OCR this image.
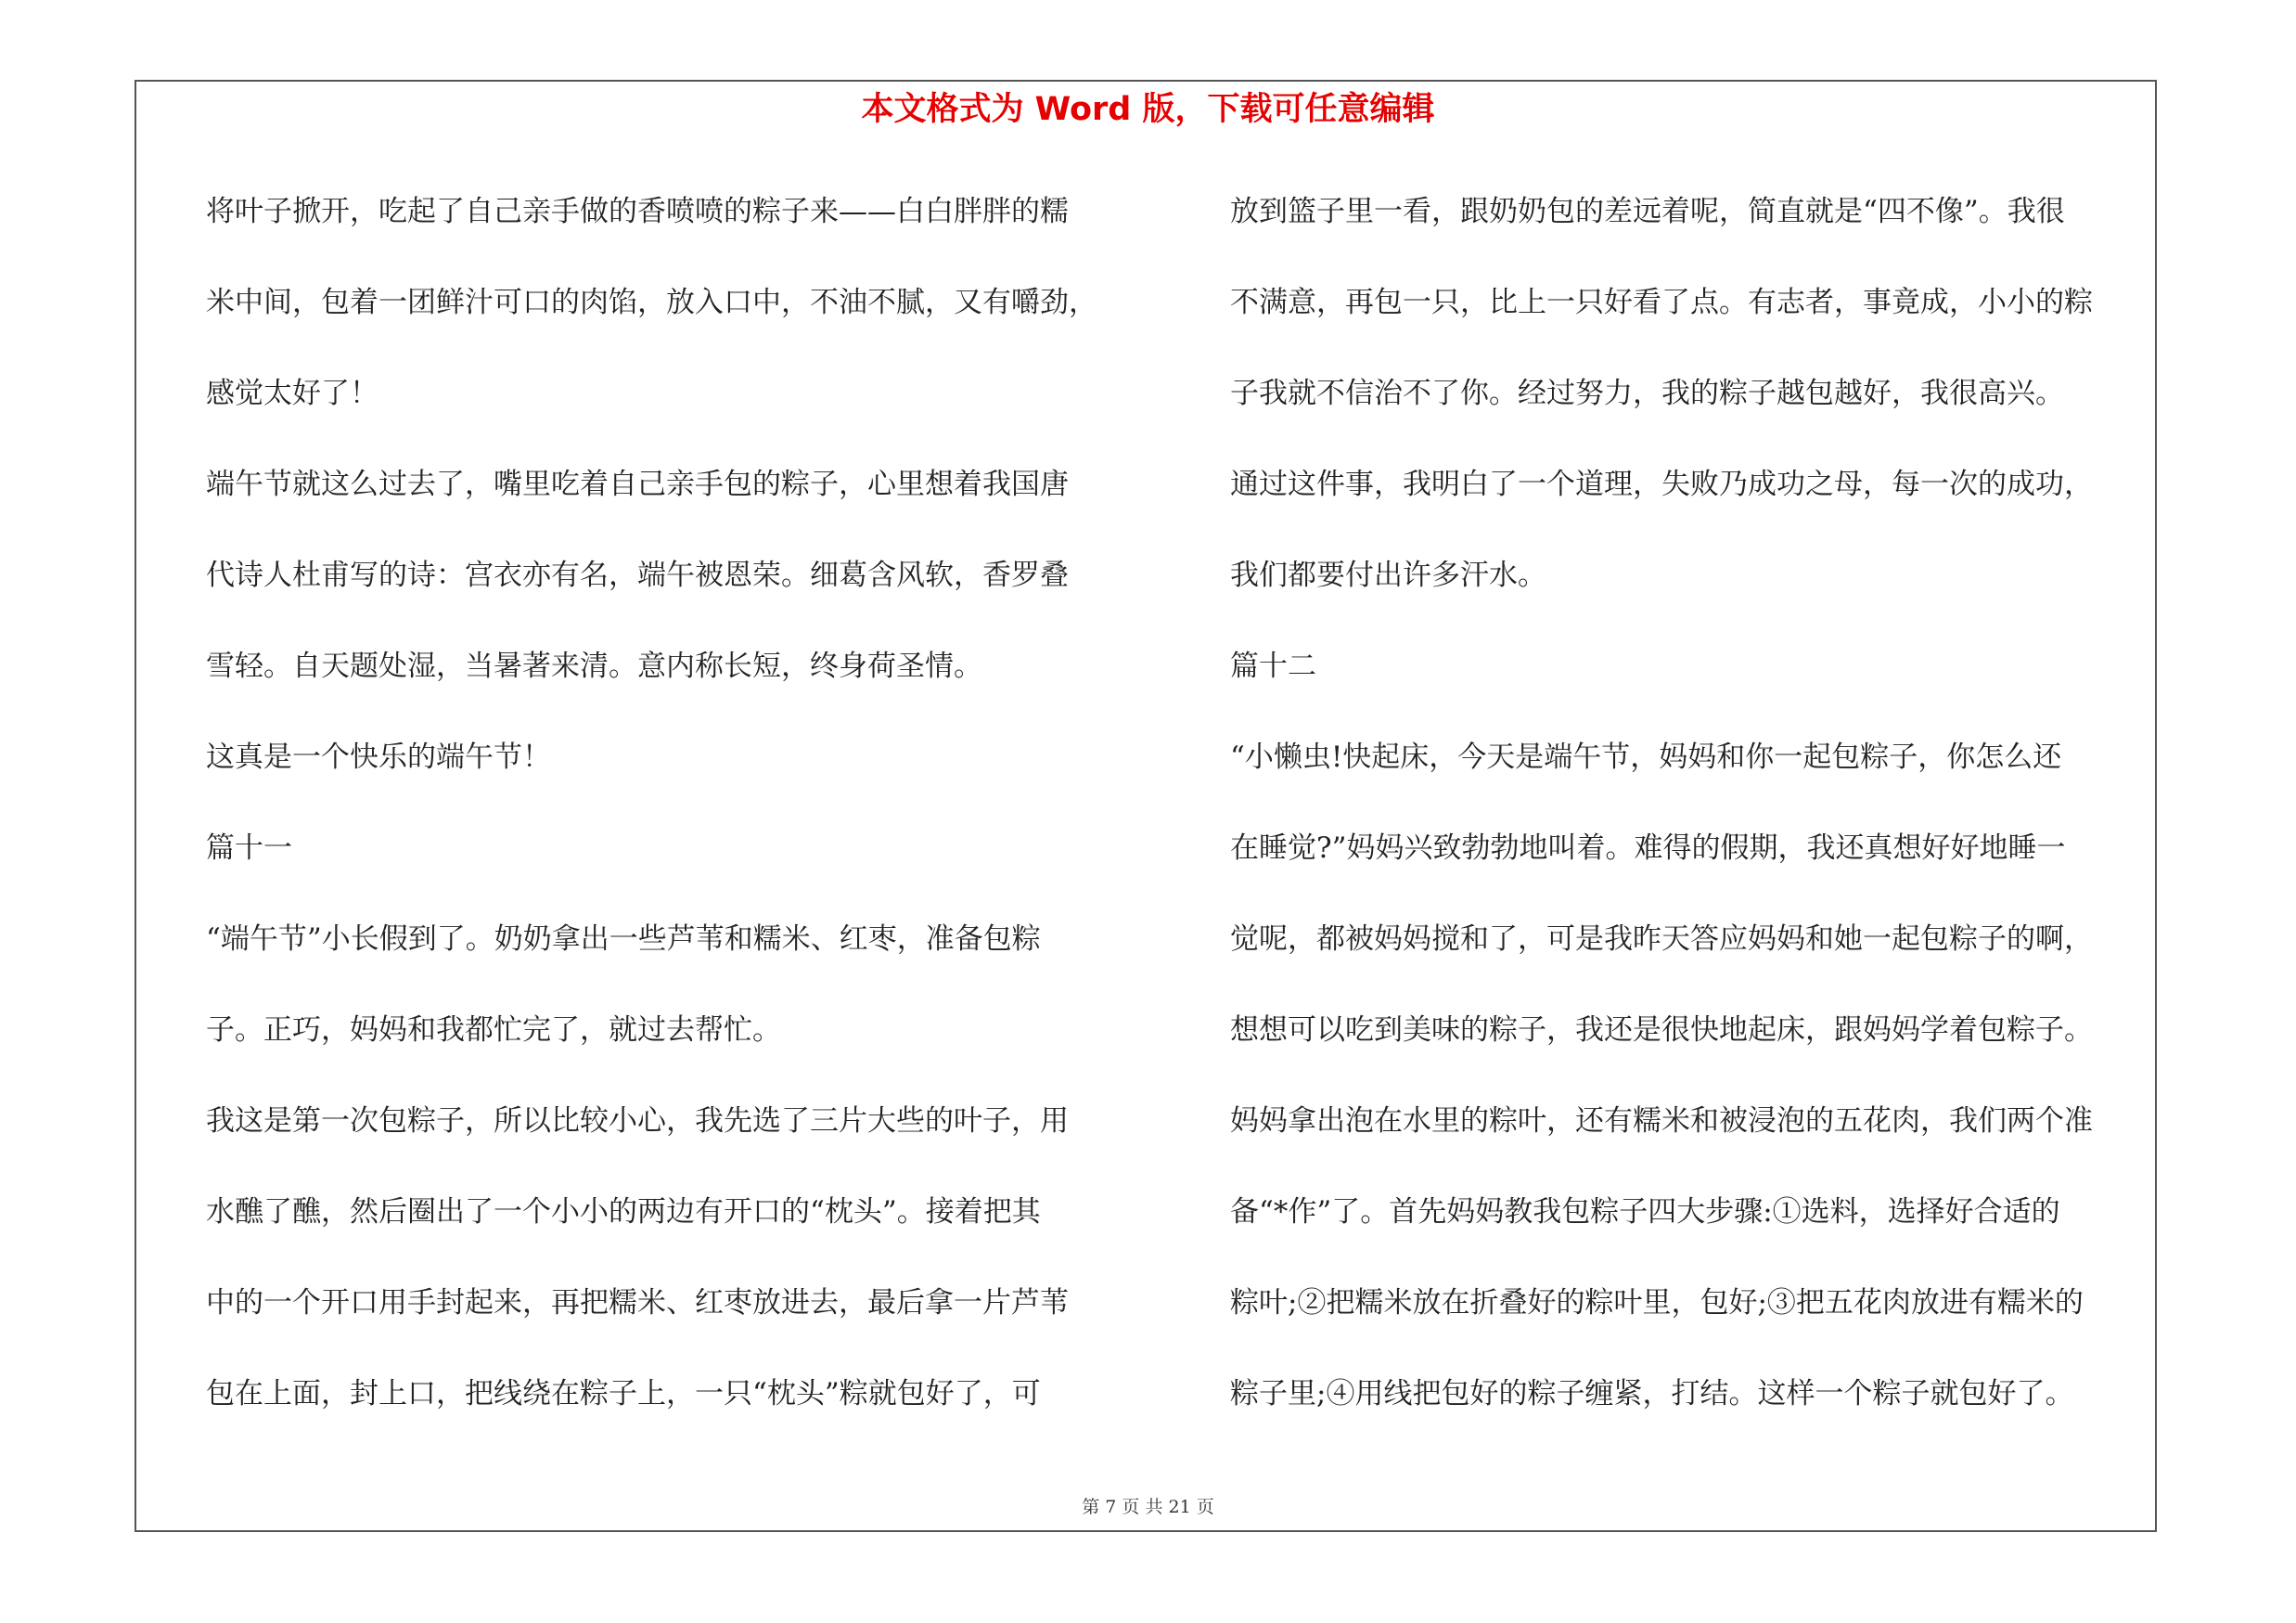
本文格式为 Word 版，下载可任意编辑
将叶子掀开，吃起了自己亲手做的香喷喷的粽子来——白白胖胖的糯
米中间，包着一团鲜汁可口的肉馅，放入口中，不油不腻，又有嚼劲，
感觉太好了！
端午节就这么过去了，嘴里吃着自己亲手包的粽子，心里想着我国唐
代诗人杜甫写的诗：宫衣亦有名，端午被恩荣。细葛含风软，香罗叠
雪轻。自天题处湿，当暑著来清。意内称长短，终身荷圣情。
这真是一个快乐的端午节！
篇十一
“端午节”小长假到了。奶奶拿出一些芦苇和糯米、红枣，准备包粽
子。正巧，妈妈和我都忙完了，就过去帮忙。
我这是第一次包粽子，所以比较小心，我先选了三片大些的叶子，用
水醮了醮，然后圈出了一个小小的两边有开口的“枕头”。接着把其
中的一个开口用手封起来，再把糯米、红枣放进去，最后拿一片芦苇
包在上面，封上口，把线绕在粽子上，一只“枕头”粽就包好了，可
放到篮子里一看，跟奶奶包的差远着呢，简直就是“四不像”。我很
不满意，再包一只，比上一只好看了点。有志者，事竟成，小小的粽
子我就不信治不了你。经过努力，我的粽子越包越好，我很高兴。
通过这件事，我明白了一个道理，失败乃成功之母，每一次的成功，
我们都要付出许多汗水。
篇十二
“小懒虫!快起床，今天是端午节，妈妈和你一起包粽子，你怎么还
在睡觉?”妈妈兴致勃勃地叫着。难得的假期，我还真想好好地睡一
觉呢，都被妈妈搅和了，可是我昨天答应妈妈和她一起包粽子的啊，
想想可以吃到美味的粽子，我还是很快地起床，跟妈妈学着包粽子。
妈妈拿出泡在水里的粽叶，还有糯米和被浸泡的五花肉，我们两个准
备“*作”了。首先妈妈教我包粽子四大步骤:①选料，选择好合适的
粽叶;②把糯米放在折叠好的粽叶里，包好;③把五花肉放进有糯米的
粽子里;④用线把包好的粽子缠紧，打结。这样一个粽子就包好了。
第 7 页 共 21 页
